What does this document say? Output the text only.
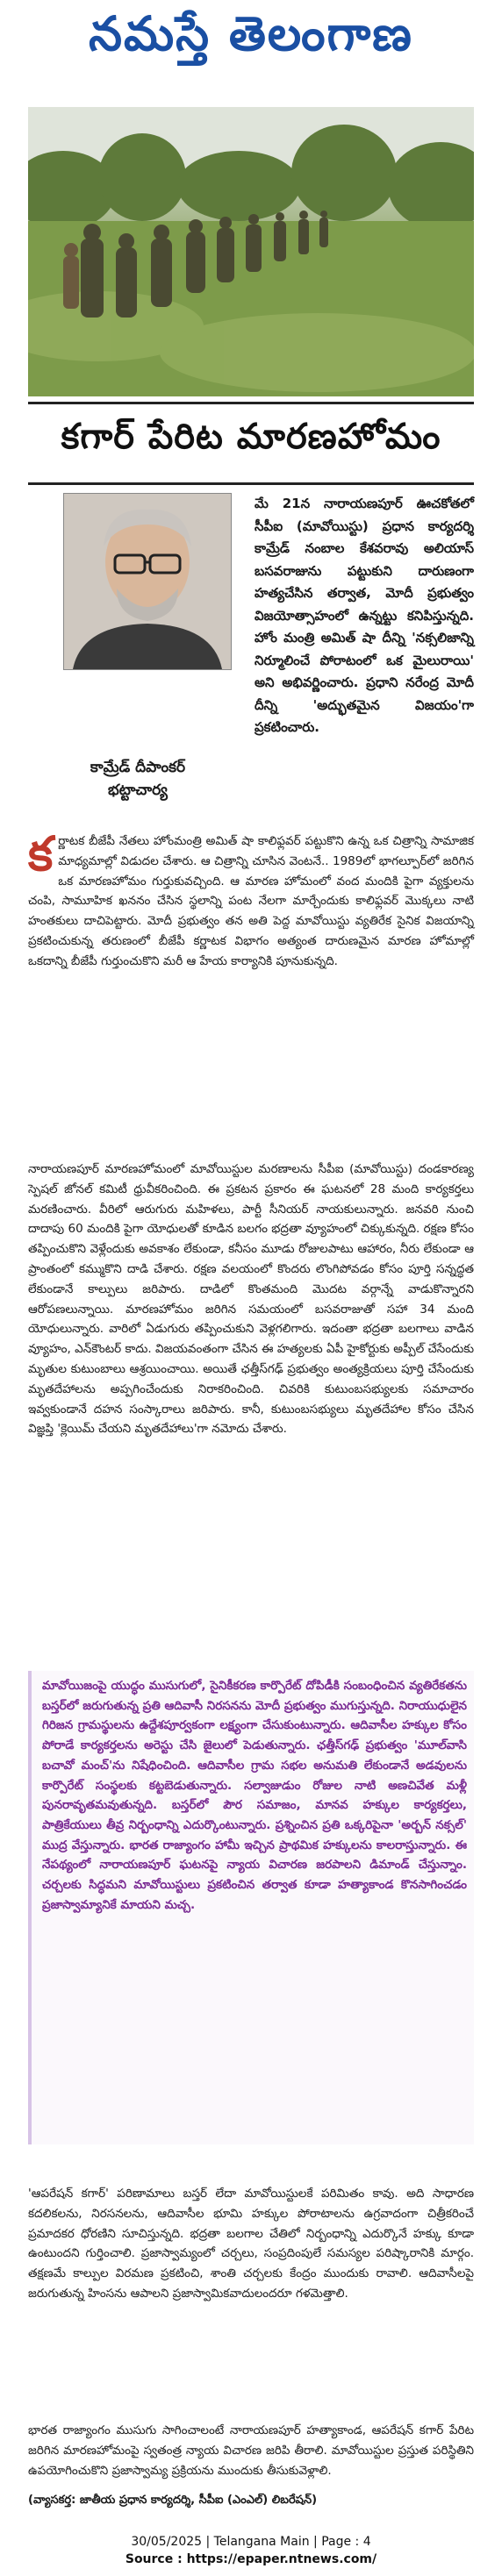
నమస్తే తెలంగాణ
కగార్ పేరిట మారణహోమం
కామ్రేడ్ దీపాంకర్
భట్టాచార్య
మే 21న నారాయణపూర్ ఊచకోతలో సీపీఐ (మావోయిస్టు) ప్రధాన కార్యదర్శి కామ్రేడ్ నంబాల కేశవరావు అలియాస్ బసవరాజును పట్టుకుని దారుణంగా హత్యచేసిన తర్వాత, మోదీ ప్రభుత్వం విజయోత్సాహంలో ఉన్నట్టు కనిపిస్తున్నది. హోం మంత్రి అమిత్ షా దీన్ని 'నక్సలిజాన్ని నిర్మూలించే పోరాటంలో ఒక మైలురాయి' అని అభివర్ణించారు. ప్రధాని నరేంద్ర మోదీ దీన్ని 'అద్భుతమైన విజయం'గా ప్రకటించారు.
క ర్ణాటక బీజేపీ నేతలు హోంమంత్రి అమిత్ షా కాలిఫ్లవర్ పట్టుకొని ఉన్న ఒక చిత్రాన్ని సామాజిక మాధ్యమాల్లో విడుదల చేశారు. ఆ చిత్రాన్ని చూసిన వెంటనే.. 1989లో భాగల్పూర్‌లో జరిగిన ఒక మారణహోమం గుర్తుకువచ్చింది. ఆ మారణ హోమంలో వంద మందికి పైగా వ్యక్తులను చంపి, సామూహిక ఖననం చేసిన స్థలాన్ని పంట నేలగా మార్చేందుకు కాలిఫ్లవర్ మొక్కలు నాటి హంతకులు దాచిపెట్టారు. మోదీ ప్రభుత్వం తన అతి పెద్ద మావోయిస్టు వ్యతిరేక సైనిక విజయాన్ని ప్రకటించుకున్న తరుణంలో బీజేపీ కర్ణాటక విభాగం అత్యంత దారుణమైన మారణ హోమాల్లో ఒకదాన్ని బీజేపీ గుర్తుంచుకొని మరీ ఆ హేయ కార్యానికి పూనుకున్నది.
నారాయణపూర్ మారణహోమంలో మావోయిస్టుల మరణాలను సీపీఐ (మావోయిస్టు) దండకారణ్య స్పెషల్ జోనల్ కమిటీ ధ్రువీకరించింది. ఈ ప్రకటన ప్రకారం ఈ ఘటనలో 28 మంది కార్యకర్తలు మరణించారు. వీరిలో ఆరుగురు మహిళలు, పార్టీ సీనియర్ నాయకులున్నారు. జనవరి నుంచి దాదాపు 60 మందికి పైగా యోధులతో కూడిన బలగం భద్రతా వ్యూహంలో చిక్కుకున్నది. రక్షణ కోసం తప్పించుకొని వెళ్లేందుకు అవకాశం లేకుండా, కనీసం మూడు రోజులపాటు ఆహారం, నీరు లేకుండా ఆ ప్రాంతంలో కమ్ముకొని దాడి చేశారు. రక్షణ వలయంలో కొందరు లొంగిపోవడం కోసం పూర్తి సన్నద్ధత లేకుండానే కాల్పులు జరిపారు. దాడిలో కొంతమంది మొదట వర్గాన్నే వాడుకొన్నారని ఆరోపణలున్నాయి. మారణహోమం జరిగిన సమయంలో బసవరాజుతో సహా 34 మంది యోధులున్నారు. వారిలో ఏడుగురు తప్పించుకుని వెళ్లగలిగారు. ఇదంతా భద్రతా బలగాలు వాడిన వ్యూహం, ఎన్‌కౌంటర్ కాదు. విజయవంతంగా చేసిన ఈ హత్యలకు ఏపీ హైకోర్టుకు అప్పీల్ చేసేందుకు మృతుల కుటుంబాలు ఆశ్రయించాయి. అయితే ఛత్తీస్‌గఢ్ ప్రభుత్వం అంత్యక్రియలు పూర్తి చేసేందుకు మృతదేహాలను అప్పగించేందుకు నిరాకరించింది. చివరికి కుటుంబసభ్యులకు సమాచారం ఇవ్వకుండానే దహన సంస్కారాలు జరిపారు. కానీ, కుటుంబసభ్యులు మృతదేహాల కోసం చేసిన విజ్ఞప్తి 'క్లెయిమ్ చేయని మృతదేహాలు'గా నమోదు చేశారు.
మావోయిజంపై యుద్ధం ముసుగులో, సైనికీకరణ కార్పొరేట్ దోపిడీకి సంబంధించిన వ్యతిరేకతను బస్తర్‌లో జరుగుతున్న ప్రతి ఆదివాసీ నిరసనను మోదీ ప్రభుత్వం ముగుస్తున్నది. నిరాయుధులైన గిరిజన గ్రామస్థులను ఉద్దేశపూర్వకంగా లక్ష్యంగా చేసుకుంటున్నారు. ఆదివాసీల హక్కుల కోసం పోరాడే కార్యకర్తలను అరెస్టు చేసి జైలులో పెడుతున్నారు. ఛత్తీస్‌గఢ్ ప్రభుత్వం 'మూల్‌వాసి బచావో మంచ్'ను నిషేధించింది. ఆదివాసీల గ్రామ సభల అనుమతి లేకుండానే అడవులను కార్పొరేట్ సంస్థలకు కట్టబెడుతున్నారు. సల్వాజుడుం రోజుల నాటి అణచివేత మళ్లీ పునరావృతమవుతున్నది. బస్తర్‌లో పౌర సమాజం, మానవ హక్కుల కార్యకర్తలు, పాత్రికేయులు తీవ్ర నిర్బంధాన్ని ఎదుర్కొంటున్నారు. ప్రశ్నించిన ప్రతి ఒక్కరిపైనా 'అర్బన్ నక్సల్' ముద్ర వేస్తున్నారు. భారత రాజ్యాంగం హామీ ఇచ్చిన ప్రాథమిక హక్కులను కాలరాస్తున్నారు. ఈ నేపథ్యంలో నారాయణపూర్ ఘటనపై న్యాయ విచారణ జరపాలని డిమాండ్ చేస్తున్నాం. చర్చలకు సిద్ధమని మావోయిస్టులు ప్రకటించిన తర్వాత కూడా హత్యాకాండ కొనసాగించడం ప్రజాస్వామ్యానికే మాయని మచ్చ.
'ఆపరేషన్ కగార్' పరిణామాలు బస్తర్ లేదా మావోయిస్టులకే పరిమితం కావు. అది సాధారణ కదలికలను, నిరసనలను, ఆదివాసీల భూమి హక్కుల పోరాటాలను ఉగ్రవాదంగా చిత్రీకరించే ప్రమాదకర ధోరణిని సూచిస్తున్నది. భద్రతా బలగాల చేతిలో నిర్బంధాన్ని ఎదుర్కొనే హక్కు కూడా ఉంటుందని గుర్తించాలి. ప్రజాస్వామ్యంలో చర్చలు, సంప్రదింపులే సమస్యల పరిష్కారానికి మార్గం. తక్షణమే కాల్పుల విరమణ ప్రకటించి, శాంతి చర్చలకు కేంద్రం ముందుకు రావాలి. ఆదివాసీలపై జరుగుతున్న హింసను ఆపాలని ప్రజాస్వామికవాదులందరూ గళమెత్తాలి.
భారత రాజ్యాంగం ముసుగు సాగించాలంటే నారాయణపూర్ హత్యాకాండ, ఆపరేషన్ కగార్ పేరిట జరిగిన మారణహోమంపై స్వతంత్ర న్యాయ విచారణ జరిపి తీరాలి. మావోయిస్టుల ప్రస్తుత పరిస్థితిని ఉపయోగించుకొని ప్రజాస్వామ్య ప్రక్రియను ముందుకు తీసుకువెళ్లాలి.
(వ్యాసకర్త: జాతీయ ప్రధాన కార్యదర్శి, సీపీఐ (ఎంఎల్) లిబరేషన్)
30/05/2025 | Telangana Main | Page : 4
Source : https://epaper.ntnews.com/
